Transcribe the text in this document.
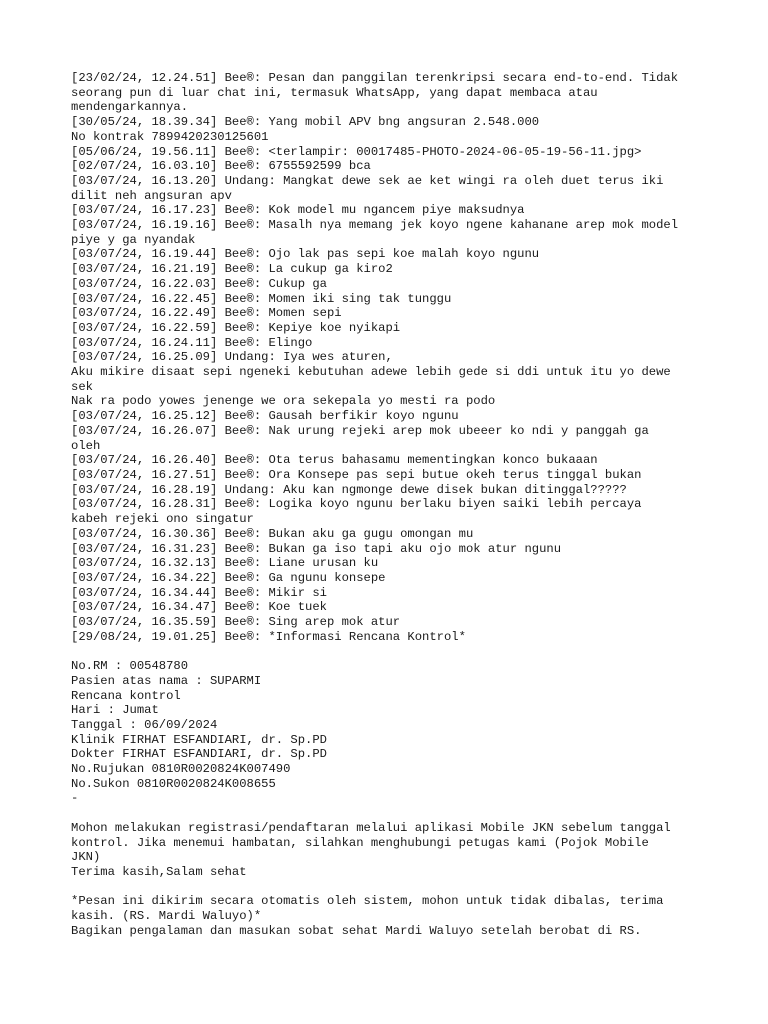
[23/02/24, 12.24.51] Bee®: Pesan dan panggilan terenkripsi secara end-to-end. Tidak
seorang pun di luar chat ini, termasuk WhatsApp, yang dapat membaca atau
mendengarkannya.
[30/05/24, 18.39.34] Bee®: Yang mobil APV bng angsuran 2.548.000
No kontrak 7899420230125601
[05/06/24, 19.56.11] Bee®: <terlampir: 00017485-PHOTO-2024-06-05-19-56-11.jpg>
[02/07/24, 16.03.10] Bee®: 6755592599 bca
[03/07/24, 16.13.20] Undang: Mangkat dewe sek ae ket wingi ra oleh duet terus iki
dilit neh angsuran apv
[03/07/24, 16.17.23] Bee®: Kok model mu ngancem piye maksudnya
[03/07/24, 16.19.16] Bee®: Masalh nya memang jek koyo ngene kahanane arep mok model
piye y ga nyandak
[03/07/24, 16.19.44] Bee®: Ojo lak pas sepi koe malah koyo ngunu
[03/07/24, 16.21.19] Bee®: La cukup ga kiro2
[03/07/24, 16.22.03] Bee®: Cukup ga
[03/07/24, 16.22.45] Bee®: Momen iki sing tak tunggu
[03/07/24, 16.22.49] Bee®: Momen sepi
[03/07/24, 16.22.59] Bee®: Kepiye koe nyikapi
[03/07/24, 16.24.11] Bee®: Elingo
[03/07/24, 16.25.09] Undang: Iya wes aturen,
Aku mikire disaat sepi ngeneki kebutuhan adewe lebih gede si ddi untuk itu yo dewe
sek
Nak ra podo yowes jenenge we ora sekepala yo mesti ra podo
[03/07/24, 16.25.12] Bee®: Gausah berfikir koyo ngunu
[03/07/24, 16.26.07] Bee®: Nak urung rejeki arep mok ubeeer ko ndi y panggah ga
oleh
[03/07/24, 16.26.40] Bee®: Ota terus bahasamu mementingkan konco bukaaan
[03/07/24, 16.27.51] Bee®: Ora Konsepe pas sepi butue okeh terus tinggal bukan
[03/07/24, 16.28.19] Undang: Aku kan ngmonge dewe disek bukan ditinggal?????
[03/07/24, 16.28.31] Bee®: Logika koyo ngunu berlaku biyen saiki lebih percaya
kabeh rejeki ono singatur
[03/07/24, 16.30.36] Bee®: Bukan aku ga gugu omongan mu
[03/07/24, 16.31.23] Bee®: Bukan ga iso tapi aku ojo mok atur ngunu
[03/07/24, 16.32.13] Bee®: Liane urusan ku
[03/07/24, 16.34.22] Bee®: Ga ngunu konsepe
[03/07/24, 16.34.44] Bee®: Mikir si
[03/07/24, 16.34.47] Bee®: Koe tuek
[03/07/24, 16.35.59] Bee®: Sing arep mok atur
[29/08/24, 19.01.25] Bee®: *Informasi Rencana Kontrol*
No.RM : 00548780
Pasien atas nama : SUPARMI
Rencana kontrol
Hari : Jumat
Tanggal : 06/09/2024
Klinik FIRHAT ESFANDIARI, dr. Sp.PD
Dokter FIRHAT ESFANDIARI, dr. Sp.PD
No.Rujukan 0810R0020824K007490
No.Sukon 0810R0020824K008655
-
Mohon melakukan registrasi/pendaftaran melalui aplikasi Mobile JKN sebelum tanggal
kontrol. Jika menemui hambatan, silahkan menghubungi petugas kami (Pojok Mobile
JKN)
Terima kasih,Salam sehat
*Pesan ini dikirim secara otomatis oleh sistem, mohon untuk tidak dibalas, terima
kasih. (RS. Mardi Waluyo)*
Bagikan pengalaman dan masukan sobat sehat Mardi Waluyo setelah berobat di RS.
